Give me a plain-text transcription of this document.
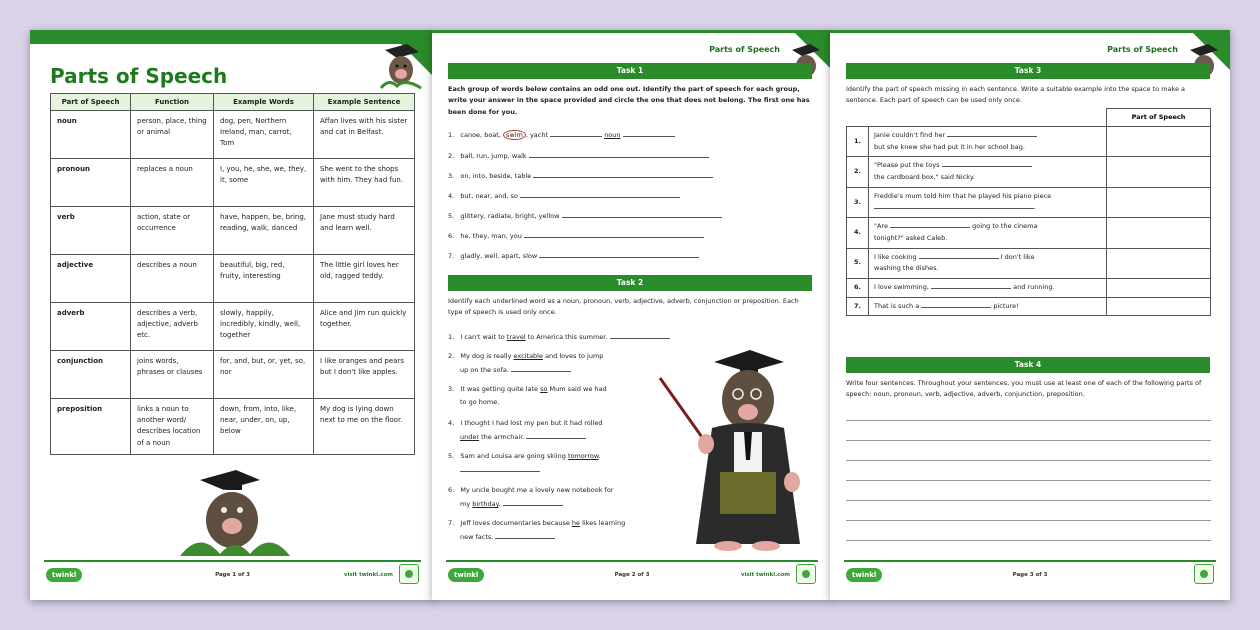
Parts of Speech
Part of Speech	Function	Example Words	Example Sentence
noun	person, place, thing or animal	dog, pen, Northern Ireland, man, carrot, Tom	Affan lives with his sister and cat in Belfast.
pronoun	replaces a noun	I, you, he, she, we, they, it, some	She went to the shops with him. They had fun.
verb	action, state or occurrence	have, happen, be, bring, reading, walk, danced	Jane must study hard and learn well.
adjective	describes a noun	beautiful, big, red, fruity, interesting	The little girl loves her old, ragged teddy.
adverb	describes a verb, adjective, adverb etc.	slowly, happily, incredibly, kindly, well, together	Alice and Jim run quickly together.
conjunction	joins words, phrases or clauses	for, and, but, or, yet, so, nor	I like oranges and pears but I don't like apples.
preposition	links a noun to another word/ describes location of a noun	down, from, into, like, near, under, on, up, below	My dog is lying down next to me on the floor.
twinkl	Page 1 of 3	visit twinkl.com
Parts of Speech
Task 1
Each group of words below contains an odd one out. Identify the part of speech for each group, write your answer in the space provided and circle the one that does not belong. The first one has been done for you.
1. canoe, boat, swim , yacht	noun
2. ball, run, jump, walk
3. on, into, beside, table
4. but, near, and, so
5. glittery, radiate, bright, yellow
6. he, they, man, you
7. gladly, well, apart, slow
Task 2
Identify each underlined word as a noun, pronoun, verb, adjective, adverb, conjunction or preposition. Each type of speech is used only once.
1. I can't wait to travel to America this summer.
2. My dog is really excitable and loves to jump
up on the sofa.
3. It was getting quite late so Mum said we had
to go home.
4. I thought I had lost my pen but it had rolled
under the armchair.
5. Sam and Louisa are going skiing tomorrow.
6. My uncle bought me a lovely new notebook for
my birthday.
7. Jeff loves documentaries because he likes learning
new facts.
twinkl	Page 2 of 3	visit twinkl.com
Parts of Speech
Task 3
Identify the part of speech missing in each sentence. Write a suitable example into the space to make a sentence. Each part of speech can be used only once.
Part of Speech
1.	Janie couldn't find her
but she knew she had put it in her school bag.	
2.	"Please put the toys
the cardboard box," said Nicky.	
3.	Freddie's mum told him that he played his piano piece
.	
4.	"Are going to the cinema
tonight?" asked Caleb.	
5.	I like cooking I don't like
washing the dishes.	
6.	I love swimming, and running.	
7.	That is such a picture!	
Task 4
Write four sentences. Throughout your sentences, you must use at least one of each of the following parts of speech: noun, pronoun, verb, adjective, adverb, conjunction, preposition.
twinkl	Page 3 of 3
